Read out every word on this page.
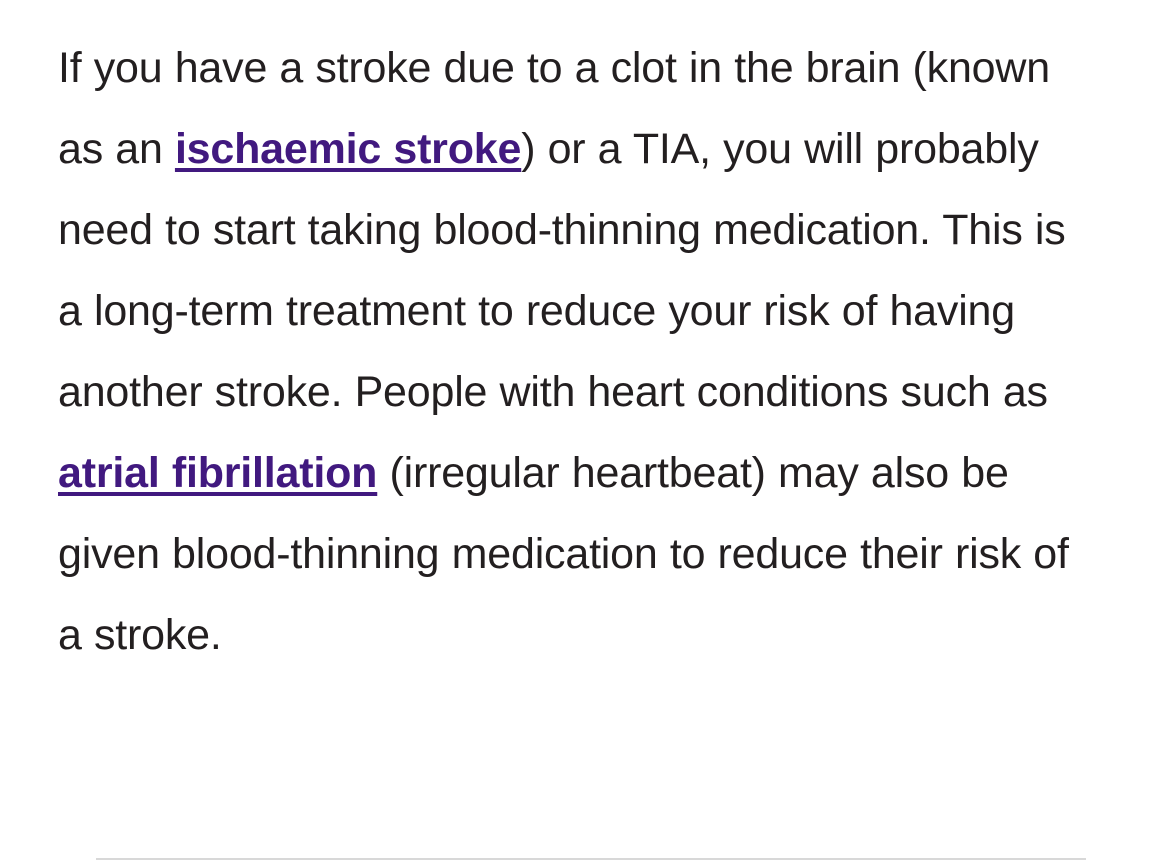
If you have a stroke due to a clot in the brain (known as an ischaemic stroke) or a TIA, you will probably need to start taking blood-thinning medication. This is a long-term treatment to reduce your risk of having another stroke. People with heart conditions such as atrial fibrillation (irregular heartbeat) may also be given blood-thinning medication to reduce their risk of a stroke.
